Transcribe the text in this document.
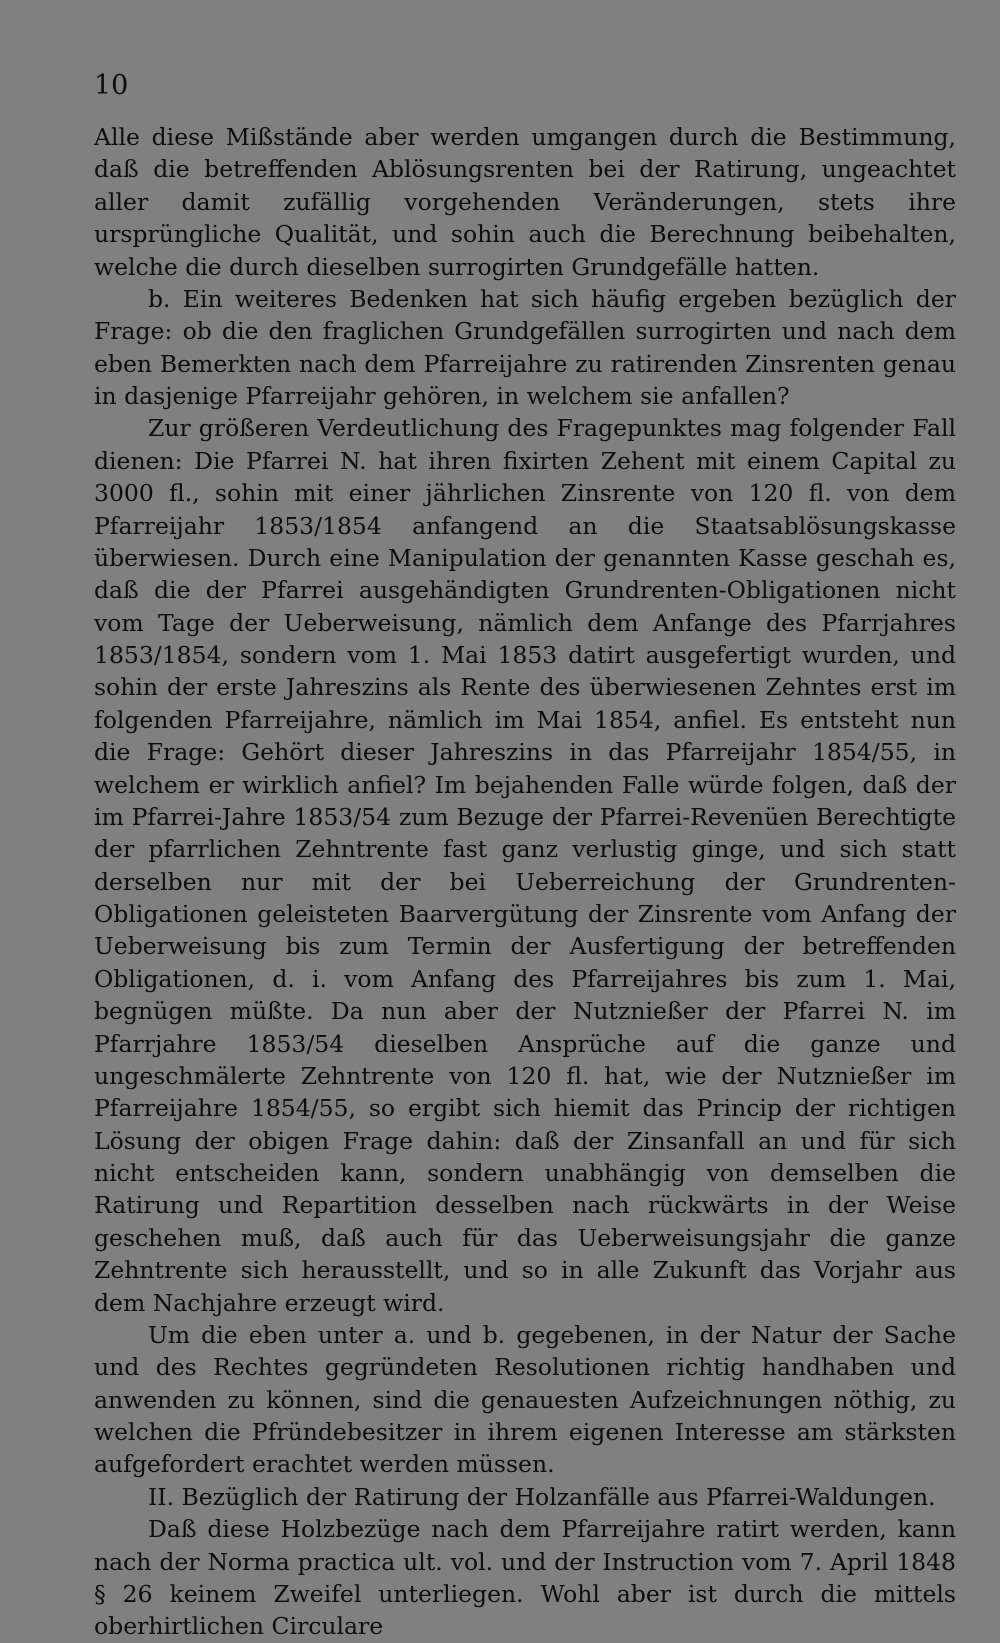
10

Alle diese Mißstände aber werden umgangen durch die Bestimmung, daß die betreffenden Ablösungsrenten bei der Ratirung, ungeachtet aller damit zufällig vorgehenden Veränderungen, stets ihre ursprüngliche Qualität, und sohin auch die Berechnung beibehalten, welche die durch dieselben surrogirten Grundgefälle hatten.

b. Ein weiteres Bedenken hat sich häufig ergeben bezüglich der Frage: ob die den fraglichen Grundgefällen surrogirten und nach dem eben Bemerkten nach dem Pfarreijahre zu ratirenden Zinsrenten genau in dasjenige Pfarreijahr gehören, in welchem sie anfallen?

Zur größeren Verdeutlichung des Fragepunktes mag folgender Fall dienen: Die Pfarrei N. hat ihren fixirten Zehent mit einem Capital zu 3000 fl., sohin mit einer jährlichen Zinsrente von 120 fl. von dem Pfarreijahr 1853/1854 anfangend an die Staatsablösungskasse überwiesen. Durch eine Manipulation der genannten Kasse geschah es, daß die der Pfarrei ausgehändigten Grundrenten-Obligationen nicht vom Tage der Ueberweisung, nämlich dem Anfange des Pfarrjahres 1853/1854, sondern vom 1. Mai 1853 datirt ausgefertigt wurden, und sohin der erste Jahreszins als Rente des überwiesenen Zehntes erst im folgenden Pfarreijahre, nämlich im Mai 1854, anfiel. Es entsteht nun die Frage: Gehört dieser Jahreszins in das Pfarreijahr 1854/55, in welchem er wirklich anfiel? Im bejahenden Falle würde folgen, daß der im Pfarrei-Jahre 1853/54 zum Bezuge der Pfarrei-Revenüen Berechtigte der pfarrlichen Zehntrente fast ganz verlustig ginge, und sich statt derselben nur mit der bei Ueberreichung der Grundrenten-Obligationen geleisteten Baarvergütung der Zinsrente vom Anfang der Ueberweisung bis zum Termin der Ausfertigung der betreffenden Obligationen, d. i. vom Anfang des Pfarreijahres bis zum 1. Mai, begnügen müßte. Da nun aber der Nutznießer der Pfarrei N. im Pfarrjahre 1853/54 dieselben Ansprüche auf die ganze und ungeschmälerte Zehntrente von 120 fl. hat, wie der Nutznießer im Pfarreijahre 1854/55, so ergibt sich hiemit das Princip der richtigen Lösung der obigen Frage dahin: daß der Zinsanfall an und für sich nicht entscheiden kann, sondern unabhängig von demselben die Ratirung und Repartition desselben nach rückwärts in der Weise geschehen muß, daß auch für das Ueberweisungsjahr die ganze Zehntrente sich herausstellt, und so in alle Zukunft das Vorjahr aus dem Nachjahre erzeugt wird.

Um die eben unter a. und b. gegebenen, in der Natur der Sache und des Rechtes gegründeten Resolutionen richtig handhaben und anwenden zu können, sind die genauesten Aufzeichnungen nöthig, zu welchen die Pfründebesitzer in ihrem eigenen Interesse am stärksten aufgefordert erachtet werden müssen.

II. Bezüglich der Ratirung der Holzanfälle aus Pfarrei-Waldungen.

Daß diese Holzbezüge nach dem Pfarreijahre ratirt werden, kann nach der Norma practica ult. vol. und der Instruction vom 7. April 1848 § 26 keinem Zweifel unterliegen. Wohl aber ist durch die mittels oberhirtlichen Circulare
